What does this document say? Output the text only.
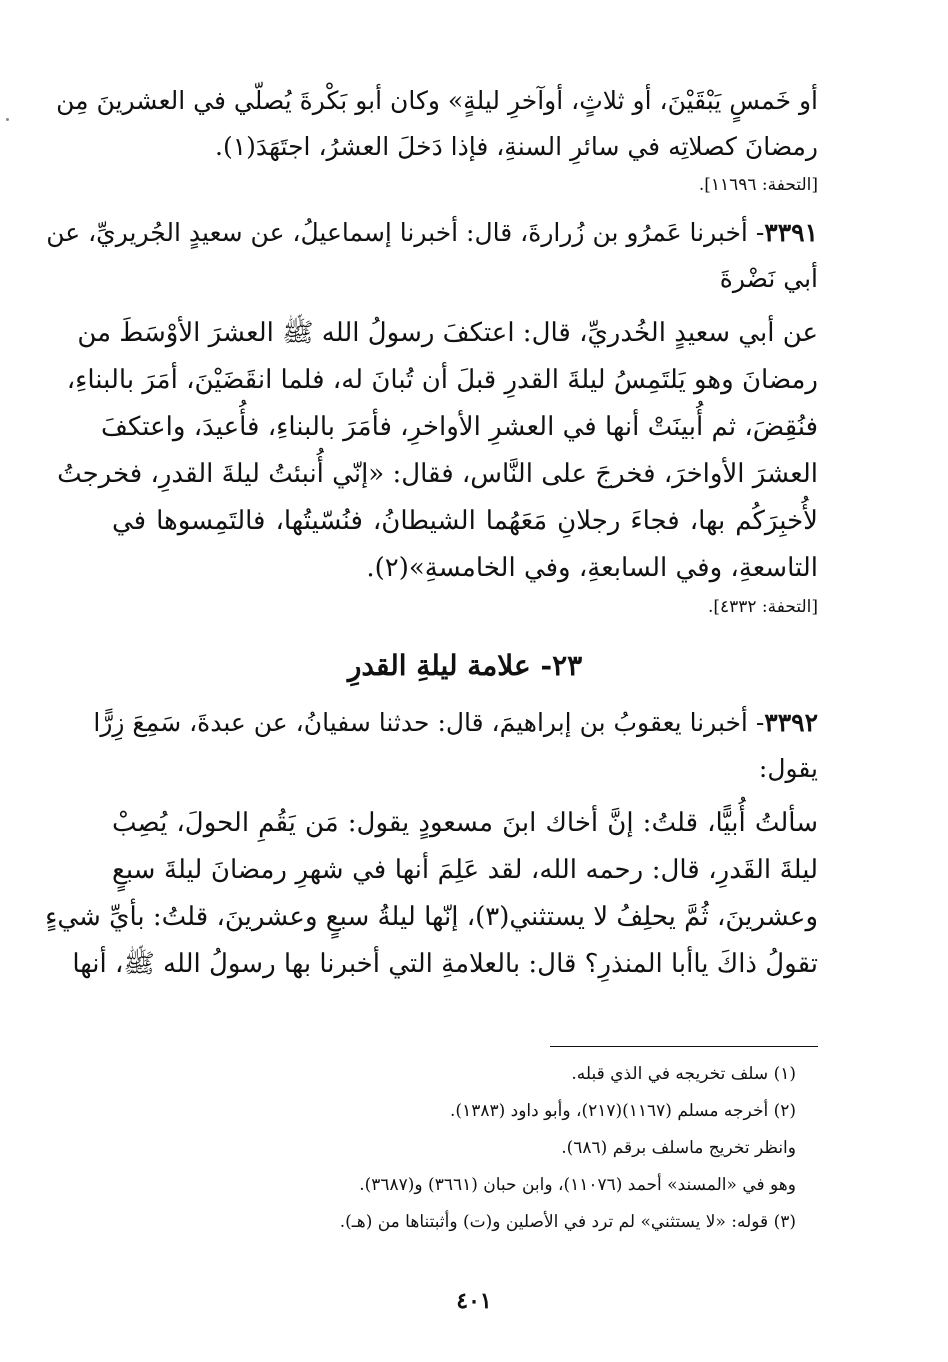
أو خَمسٍ يَبْقَيْنَ، أو ثلاثٍ، أوآخرِ ليلةٍ» وكان أبو بَكْرةَ يُصلّي في العشرينَ مِن
رمضانَ كصلاتِه في سائرِ السنةِ، فإذا دَخلَ العشرُ، اجتَهَدَ(١).
[التحفة: ١١٦٩٦].
٣٣٩١- أخبرنا عَمرُو بن زُرارةَ، قال: أخبرنا إسماعيلُ، عن سعيدٍ الجُريريِّ، عن
أبي نَضْرةَ
عن أبي سعيدٍ الخُدريِّ، قال: اعتكفَ رسولُ الله ﷺ العشرَ الأوْسَطَ من
رمضانَ وهو يَلتَمِسُ ليلةَ القدرِ قبلَ أن تُبانَ له، فلما انقَضَيْنَ، أمَرَ بالبناءِ،
فنُقِضَ، ثم أُبينَتْ أنها في العشرِ الأواخرِ، فأمَرَ بالبناءِ، فأُعيدَ، واعتكفَ
العشرَ الأواخرَ، فخرجَ على النَّاس، فقال: «إنّي أُنبئتُ ليلةَ القدرِ، فخرجتُ
لأُخبِرَكُم بها، فجاءَ رجلانِ مَعَهُما الشيطانُ، فنُسّيتُها، فالتَمِسوها في
التاسعةِ، وفي السابعةِ، وفي الخامسةِ»(٢).
[التحفة: ٤٣٣٢].
٢٣- علامة ليلةِ القدرِ
٣٣٩٢- أخبرنا يعقوبُ بن إبراهيمَ، قال: حدثنا سفيانُ، عن عبدةَ، سَمِعَ زِرًّا
يقول:
سألتُ أُبيًّا، قلتُ: إنَّ أخاك ابنَ مسعودٍ يقول: مَن يَقُمِ الحولَ، يُصِبْ
ليلةَ القَدرِ، قال: رحمه الله، لقد عَلِمَ أنها في شهرِ رمضانَ ليلةَ سبعٍ
وعشرينَ، ثُمَّ يحلِفُ لا يستثني(٣)، إنّها ليلةُ سبعٍ وعشرينَ، قلتُ: بأيِّ شيءٍ
تقولُ ذاكَ ياأبا المنذرِ؟ قال: بالعلامةِ التي أخبرنا بها رسولُ الله ﷺ، أنها
(١) سلف تخريجه في الذي قبله.
(٢) أخرجه مسلم (١١٦٧)(٢١٧)، وأبو داود (١٣٨٣).
وانظر تخريج ماسلف برقم (٦٨٦).
وهو في «المسند» أحمد (١١٠٧٦)، وابن حبان (٣٦٦١) و(٣٦٨٧).
(٣) قوله: «لا يستثني» لم ترد في الأصلين و(ت) وأثبتناها من (هـ).
٤٠١
